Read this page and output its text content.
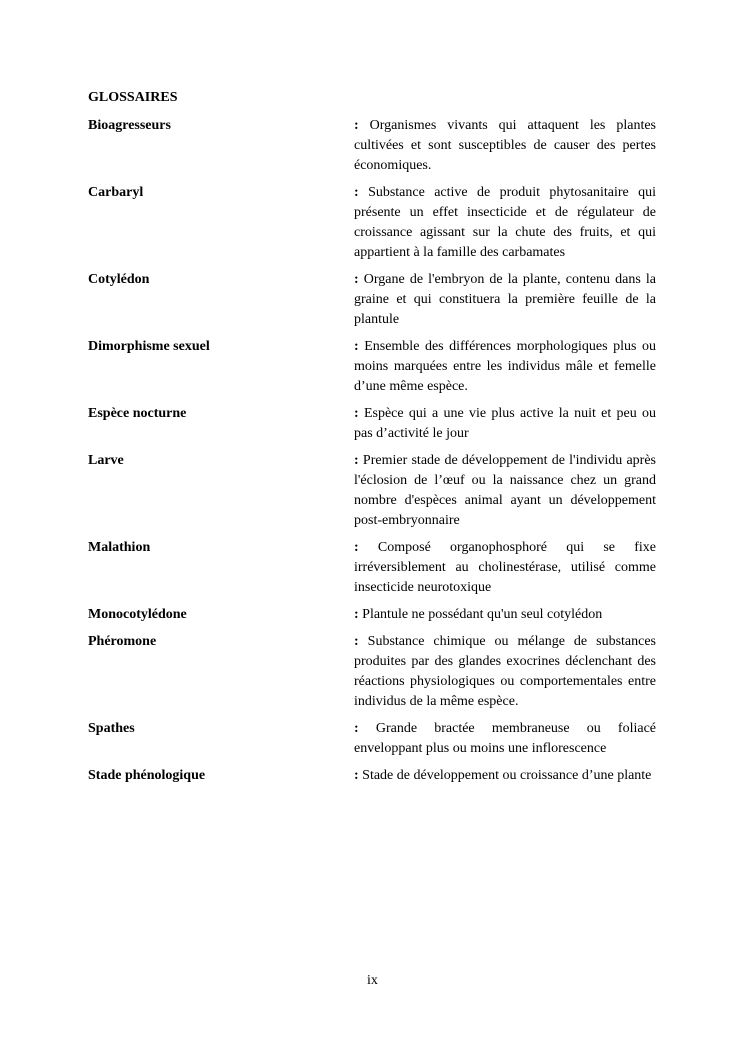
GLOSSAIRES
Bioagresseurs	: Organismes vivants qui attaquent les plantes cultivées et sont susceptibles de causer des pertes économiques.
Carbaryl	: Substance active de produit phytosanitaire qui présente un effet insecticide et de régulateur de croissance agissant sur la chute des fruits, et qui appartient à la famille des carbamates
Cotylédon	: Organe de l'embryon de la plante, contenu dans la graine et qui constituera la première feuille de la plantule
Dimorphisme sexuel	: Ensemble des différences morphologiques plus ou moins marquées entre les individus mâle et femelle d’une même espèce.
Espèce nocturne	: Espèce qui a une vie plus active la nuit et peu ou pas d’activité le jour
Larve	: Premier stade de développement de l'individu après l'éclosion de l’œuf ou la naissance chez un grand nombre d'espèces animal ayant un développement post-embryonnaire
Malathion	: Composé organophosphoré qui se fixe irréversiblement au cholinestérase, utilisé comme insecticide neurotoxique
Monocotylédone	: Plantule ne possédant qu'un seul cotylédon
Phéromone	: Substance chimique ou mélange de substances produites par des glandes exocrines déclenchant des réactions physiologiques ou comportementales entre individus de la même espèce.
Spathes	: Grande bractée membraneuse ou foliacé enveloppant plus ou moins une inflorescence
Stade phénologique	: Stade de développement ou croissance d’une plante
ix
